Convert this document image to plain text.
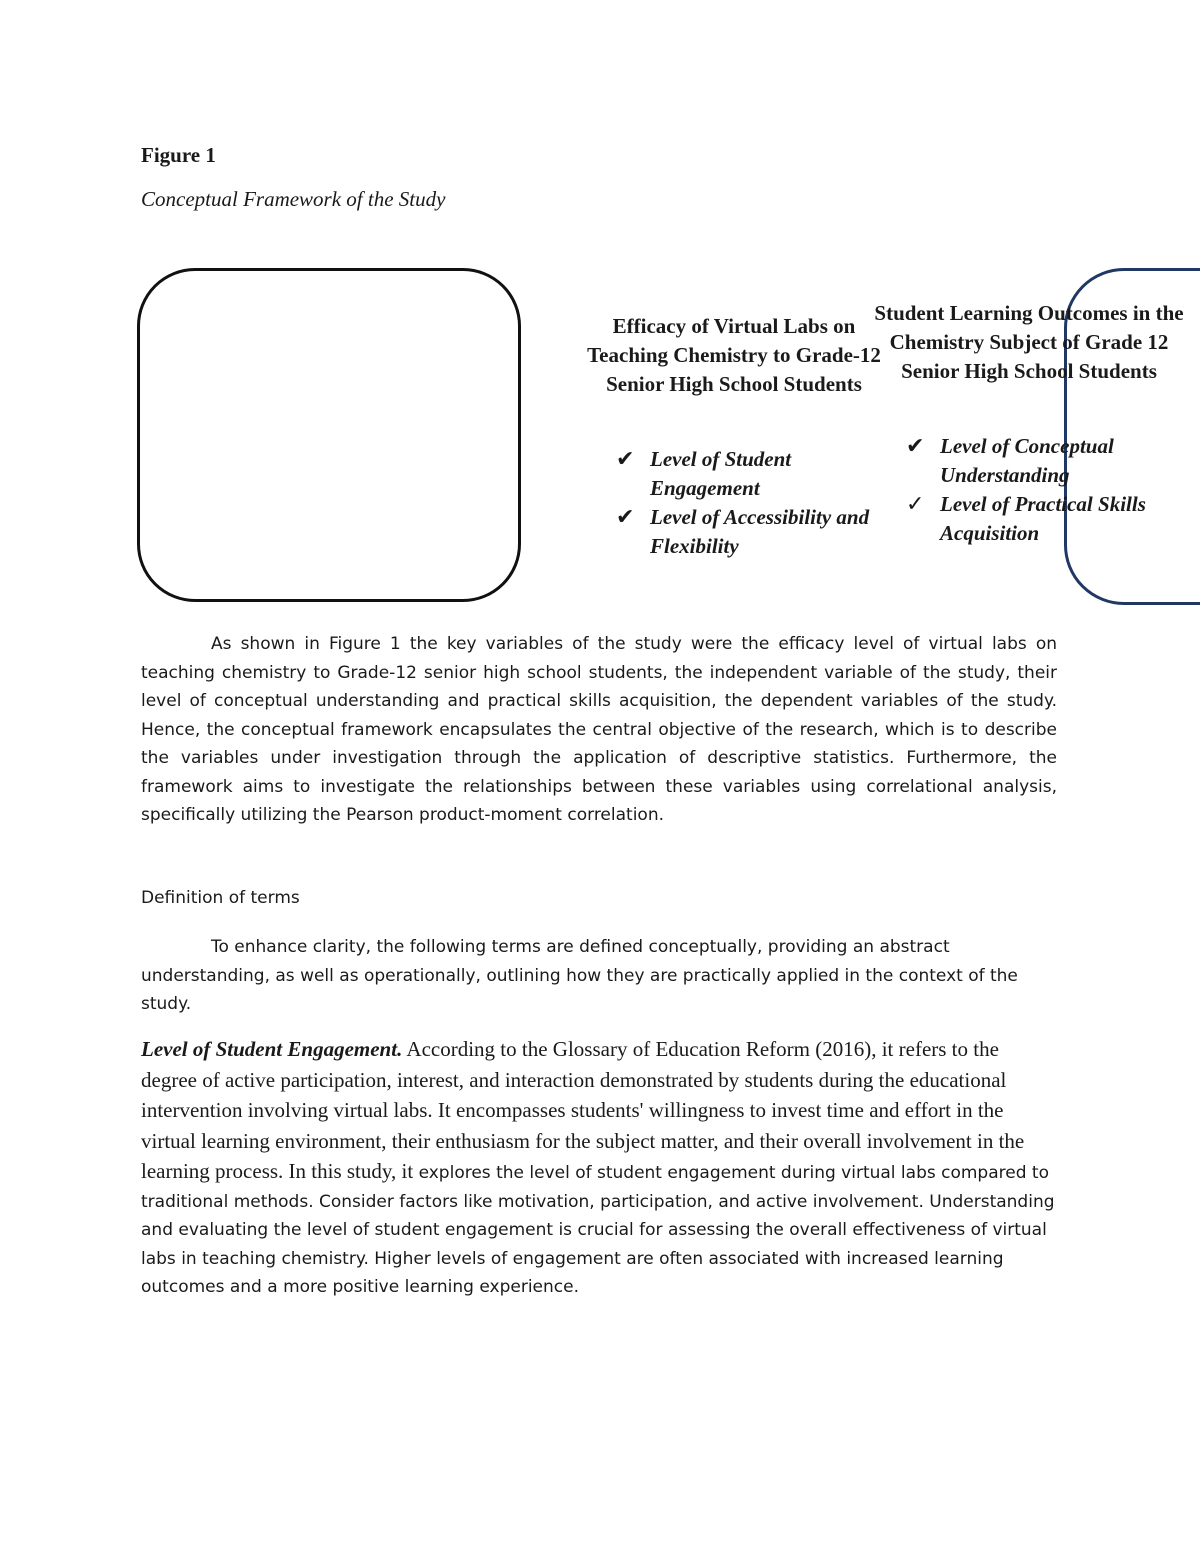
Figure 1
Conceptual Framework of the Study
Efficacy of Virtual Labs on Teaching Chemistry to Grade-12 Senior High School Students
✔ Level of Student Engagement
✔ Level of Accessibility and Flexibility
Student Learning Outcomes in the Chemistry Subject of Grade 12 Senior High School Students
✔ Level of Conceptual Understanding
✓ Level of Practical Skills Acquisition

As shown in Figure 1 the key variables of the study were the efficacy level of virtual labs on teaching chemistry to Grade-12 senior high school students, the independent variable of the study, their level of conceptual understanding and practical skills acquisition, the dependent variables of the study. Hence, the conceptual framework encapsulates the central objective of the research, which is to describe the variables under investigation through the application of descriptive statistics. Furthermore, the framework aims to investigate the relationships between these variables using correlational analysis, specifically utilizing the Pearson product-moment correlation.

Definition of terms

To enhance clarity, the following terms are defined conceptually, providing an abstract understanding, as well as operationally, outlining how they are practically applied in the context of the study.

Level of Student Engagement. According to the Glossary of Education Reform (2016), it refers to the degree of active participation, interest, and interaction demonstrated by students during the educational intervention involving virtual labs. It encompasses students' willingness to invest time and effort in the virtual learning environment, their enthusiasm for the subject matter, and their overall involvement in the learning process. In this study, it explores the level of student engagement during virtual labs compared to traditional methods. Consider factors like motivation, participation, and active involvement. Understanding and evaluating the level of student engagement is crucial for assessing the overall effectiveness of virtual labs in teaching chemistry. Higher levels of engagement are often associated with increased learning outcomes and a more positive learning experience.
